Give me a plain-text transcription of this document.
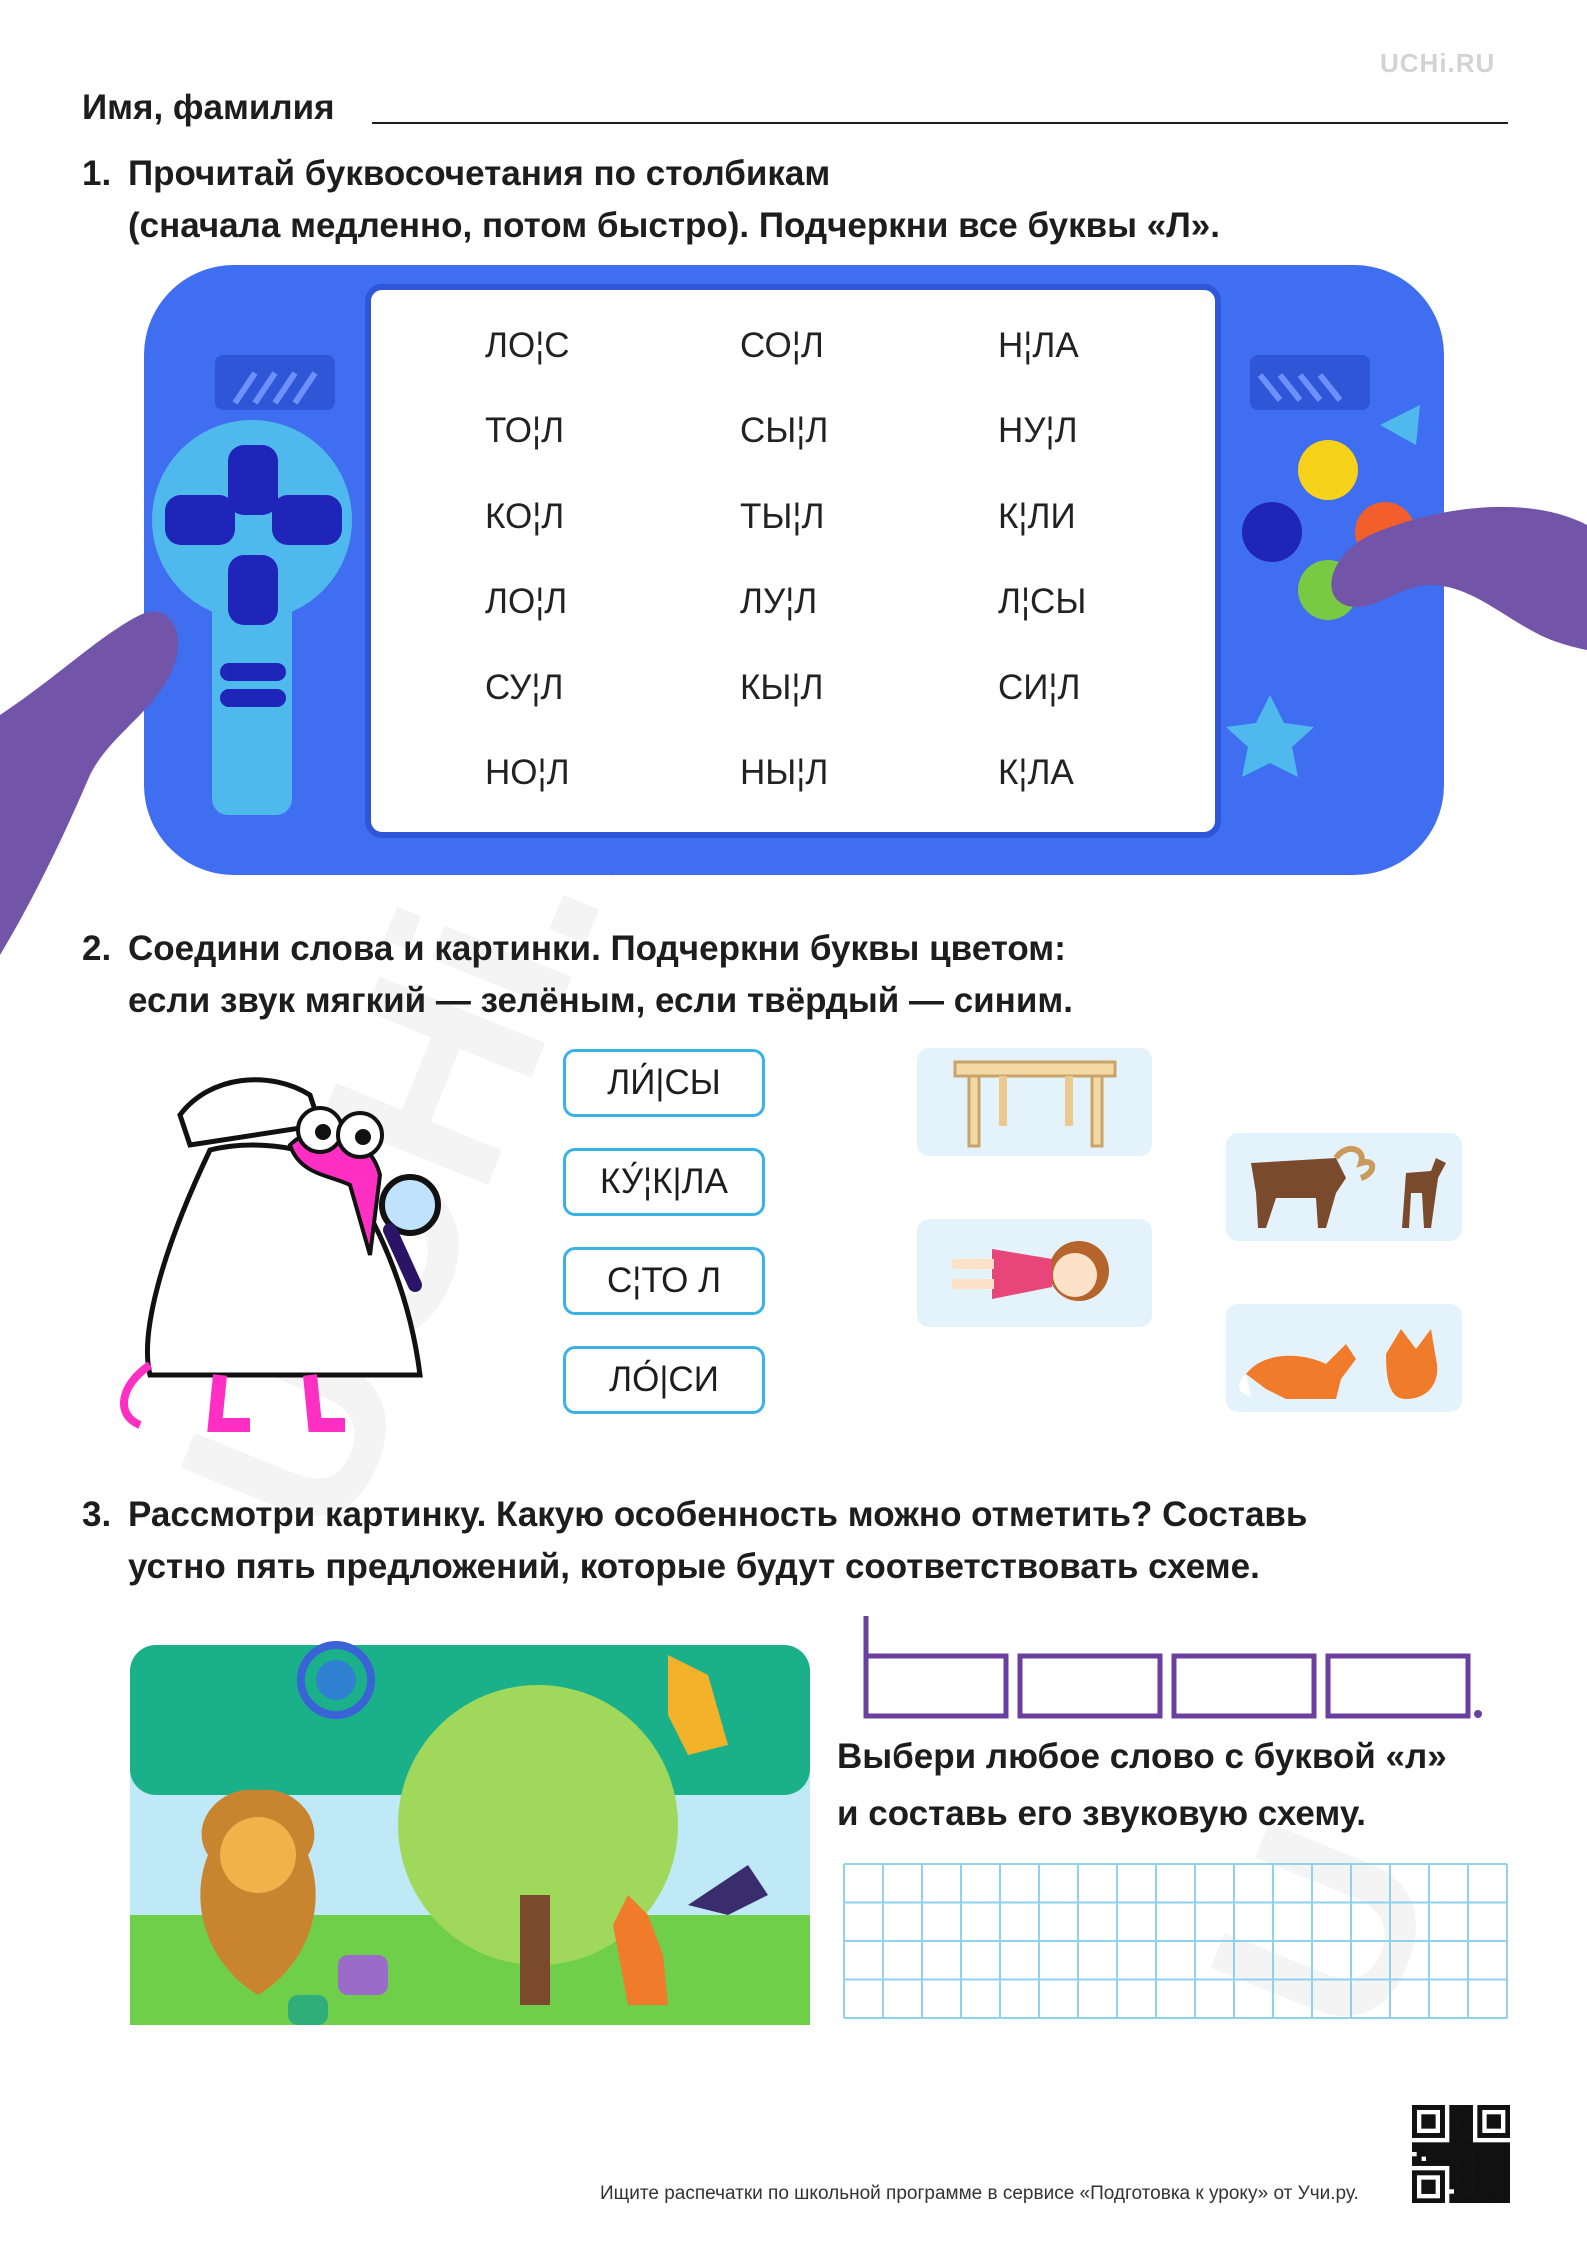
UCHi.RU
Имя, фамилия
1. Прочитай буквосочетания по столбикам
(сначала медленно, потом быстро). Подчеркни все буквы «Л».
ЛО¦С
ТО¦Л
КО¦Л
ЛО¦Л
СУ¦Л
НО¦Л
СО¦Л
СЫ¦Л
ТЫ¦Л
ЛУ¦Л
КЫ¦Л
НЫ¦Л
Н¦ЛА
НУ¦Л
К¦ЛИ
Л¦СЫ
СИ¦Л
К¦ЛА
2. Соедини слова и картинки. Подчеркни буквы цветом:
если звук мягкий — зелёным, если твёрдый — синим.
ЛИ́|СЫ
КУ́¦К|ЛА
С¦ТО Л
ЛО́|СИ
3. Рассмотри картинку. Какую особенность можно отметить? Составь
устно пять предложений, которые будут соответствовать схеме.
Выбери любое слово с буквой «л»
и составь его звуковую схему.
Ищите распечатки по школьной программе в сервисе «Подготовка к уроку» от Учи.ру.
